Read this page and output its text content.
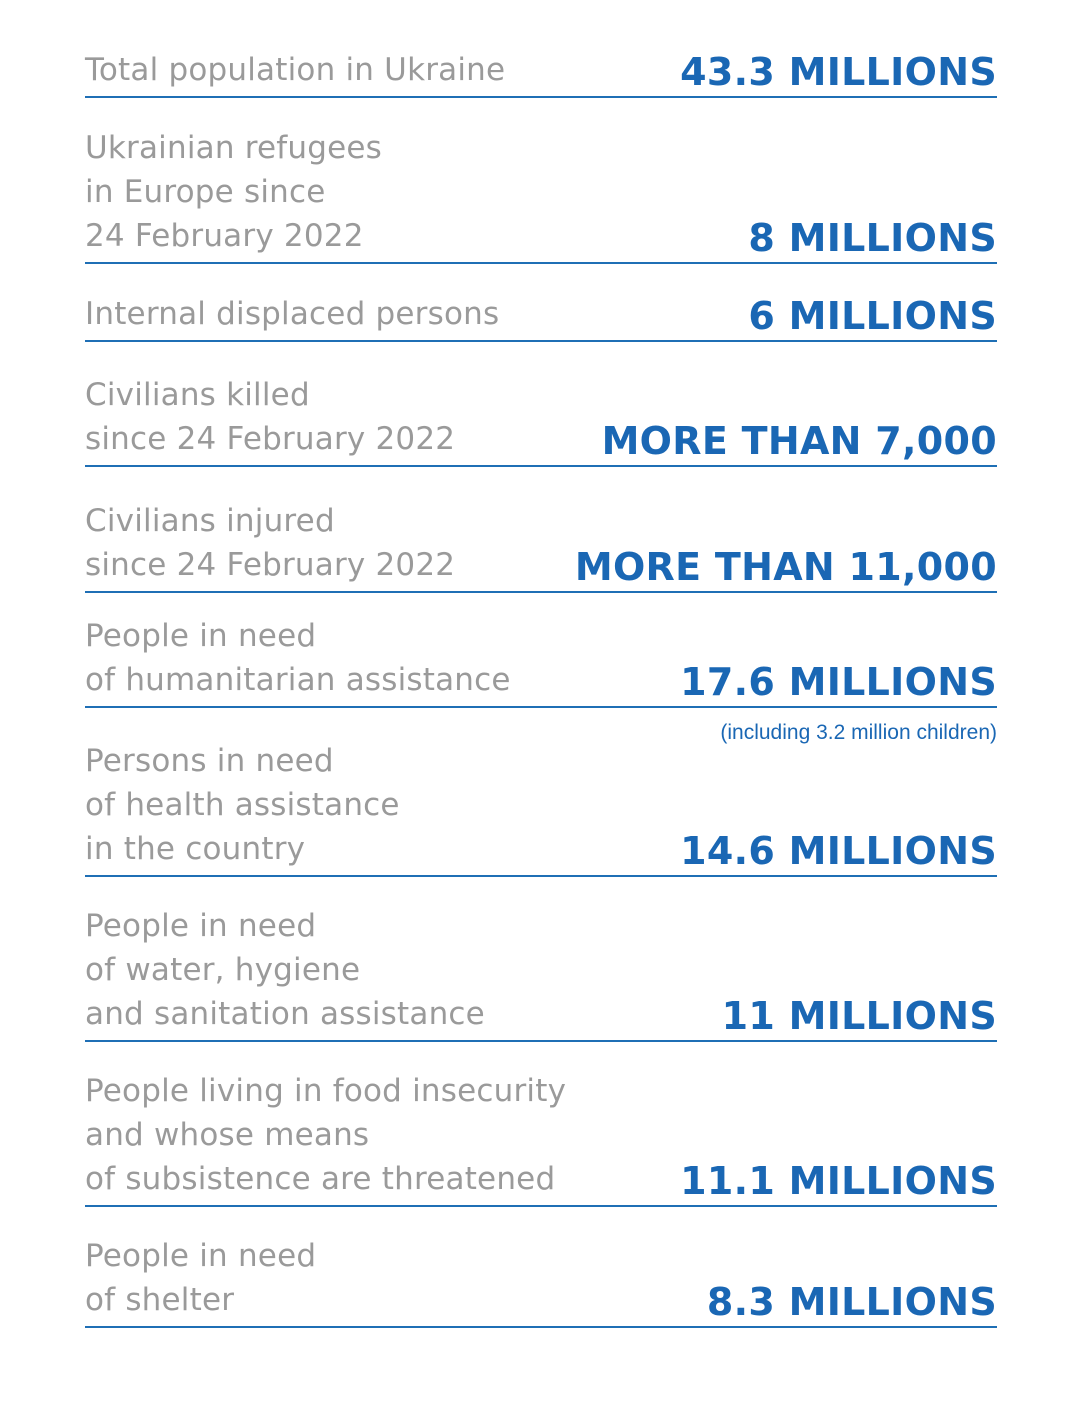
Total population in Ukraine	43.3 MILLIONS
Ukrainian refugees
in Europe since
24 February 2022	8 MILLIONS
Internal displaced persons	6 MILLIONS
Civilians killed
since 24 February 2022	MORE THAN 7,000
Civilians injured
since 24 February 2022	MORE THAN 11,000
People in need
of humanitarian assistance	17.6 MILLIONS
(including 3.2 million children)
Persons in need
of health assistance
in the country	14.6 MILLIONS
People in need
of water, hygiene
and sanitation assistance	11 MILLIONS
People living in food insecurity
and whose means
of subsistence are threatened	11.1 MILLIONS
People in need
of shelter	8.3 MILLIONS
